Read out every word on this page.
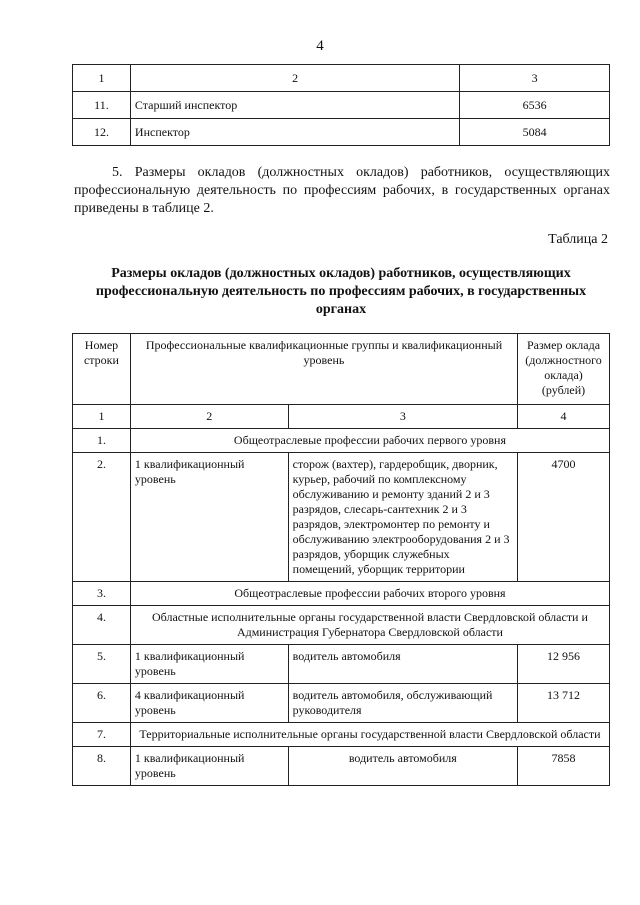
4
1	2	3
11.	Старший инспектор	6536
12.	Инспектор	5084
5. Размеры окладов (должностных окладов) работников, осуществляющих профессиональную деятельность по профессиям рабочих, в государственных органах приведены в таблице 2.
Таблица 2
Размеры окладов (должностных окладов) работников, осуществляющих профессиональную деятельность по профессиям рабочих, в государственных органах
Номер строки	Профессиональные квалификационные группы и квалификационный уровень		Размер оклада (должностного оклада) (рублей)
1	2	3	4
1.	Общеотраслевые профессии рабочих первого уровня		
2.	1 квалификационный уровень	сторож (вахтер), гардеробщик, дворник, курьер, рабочий по комплексному обслуживанию и ремонту зданий 2 и 3 разрядов, слесарь-сантехник 2 и 3 разрядов, электромонтер по ремонту и обслуживанию электрооборудования 2 и 3 разрядов, уборщик служебных помещений, уборщик территории	4700
3.	Общеотраслевые профессии рабочих второго уровня		
4.	Областные исполнительные органы государственной власти Свердловской области и Администрация Губернатора Свердловской области		
5.	1 квалификационный уровень	водитель автомобиля	12 956
6.	4 квалификационный уровень	водитель автомобиля, обслуживающий руководителя	13 712
7.	Территориальные исполнительные органы государственной власти Свердловской области		
8.	1 квалификационный уровень	водитель автомобиля	7858
